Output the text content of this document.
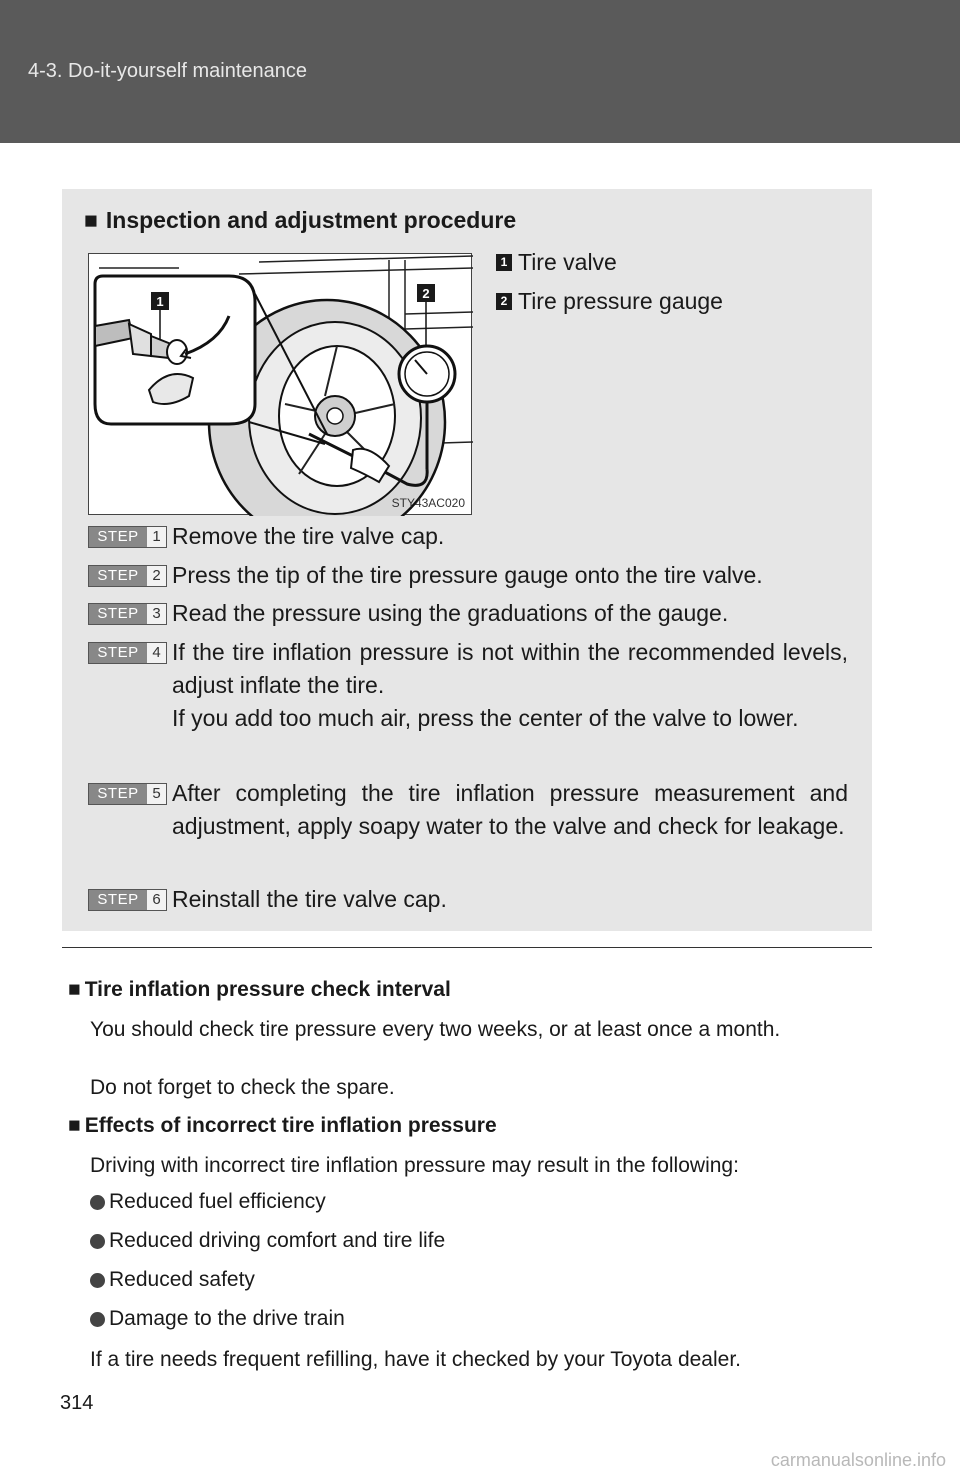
4-3. Do-it-yourself maintenance
■ Inspection and adjustment procedure
1
2
STY43AC020
1 Tire valve
2 Tire pressure gauge
STEP 1 Remove the tire valve cap.
STEP 2 Press the tip of the tire pressure gauge onto the tire valve.
STEP 3 Read the pressure using the graduations of the gauge.
STEP 4 If the tire inflation pressure is not within the recommended levels, adjust inflate the tire.
If you add too much air, press the center of the valve to lower.
STEP 5 After completing the tire inflation pressure measurement and adjustment, apply soapy water to the valve and check for leakage.
STEP 6 Reinstall the tire valve cap.
■ Tire inflation pressure check interval
You should check tire pressure every two weeks, or at least once a month.
Do not forget to check the spare.
■ Effects of incorrect tire inflation pressure
Driving with incorrect tire inflation pressure may result in the following:
Reduced fuel efficiency
Reduced driving comfort and tire life
Reduced safety
Damage to the drive train
If a tire needs frequent refilling, have it checked by your Toyota dealer.
314
carmanualsonline.info
